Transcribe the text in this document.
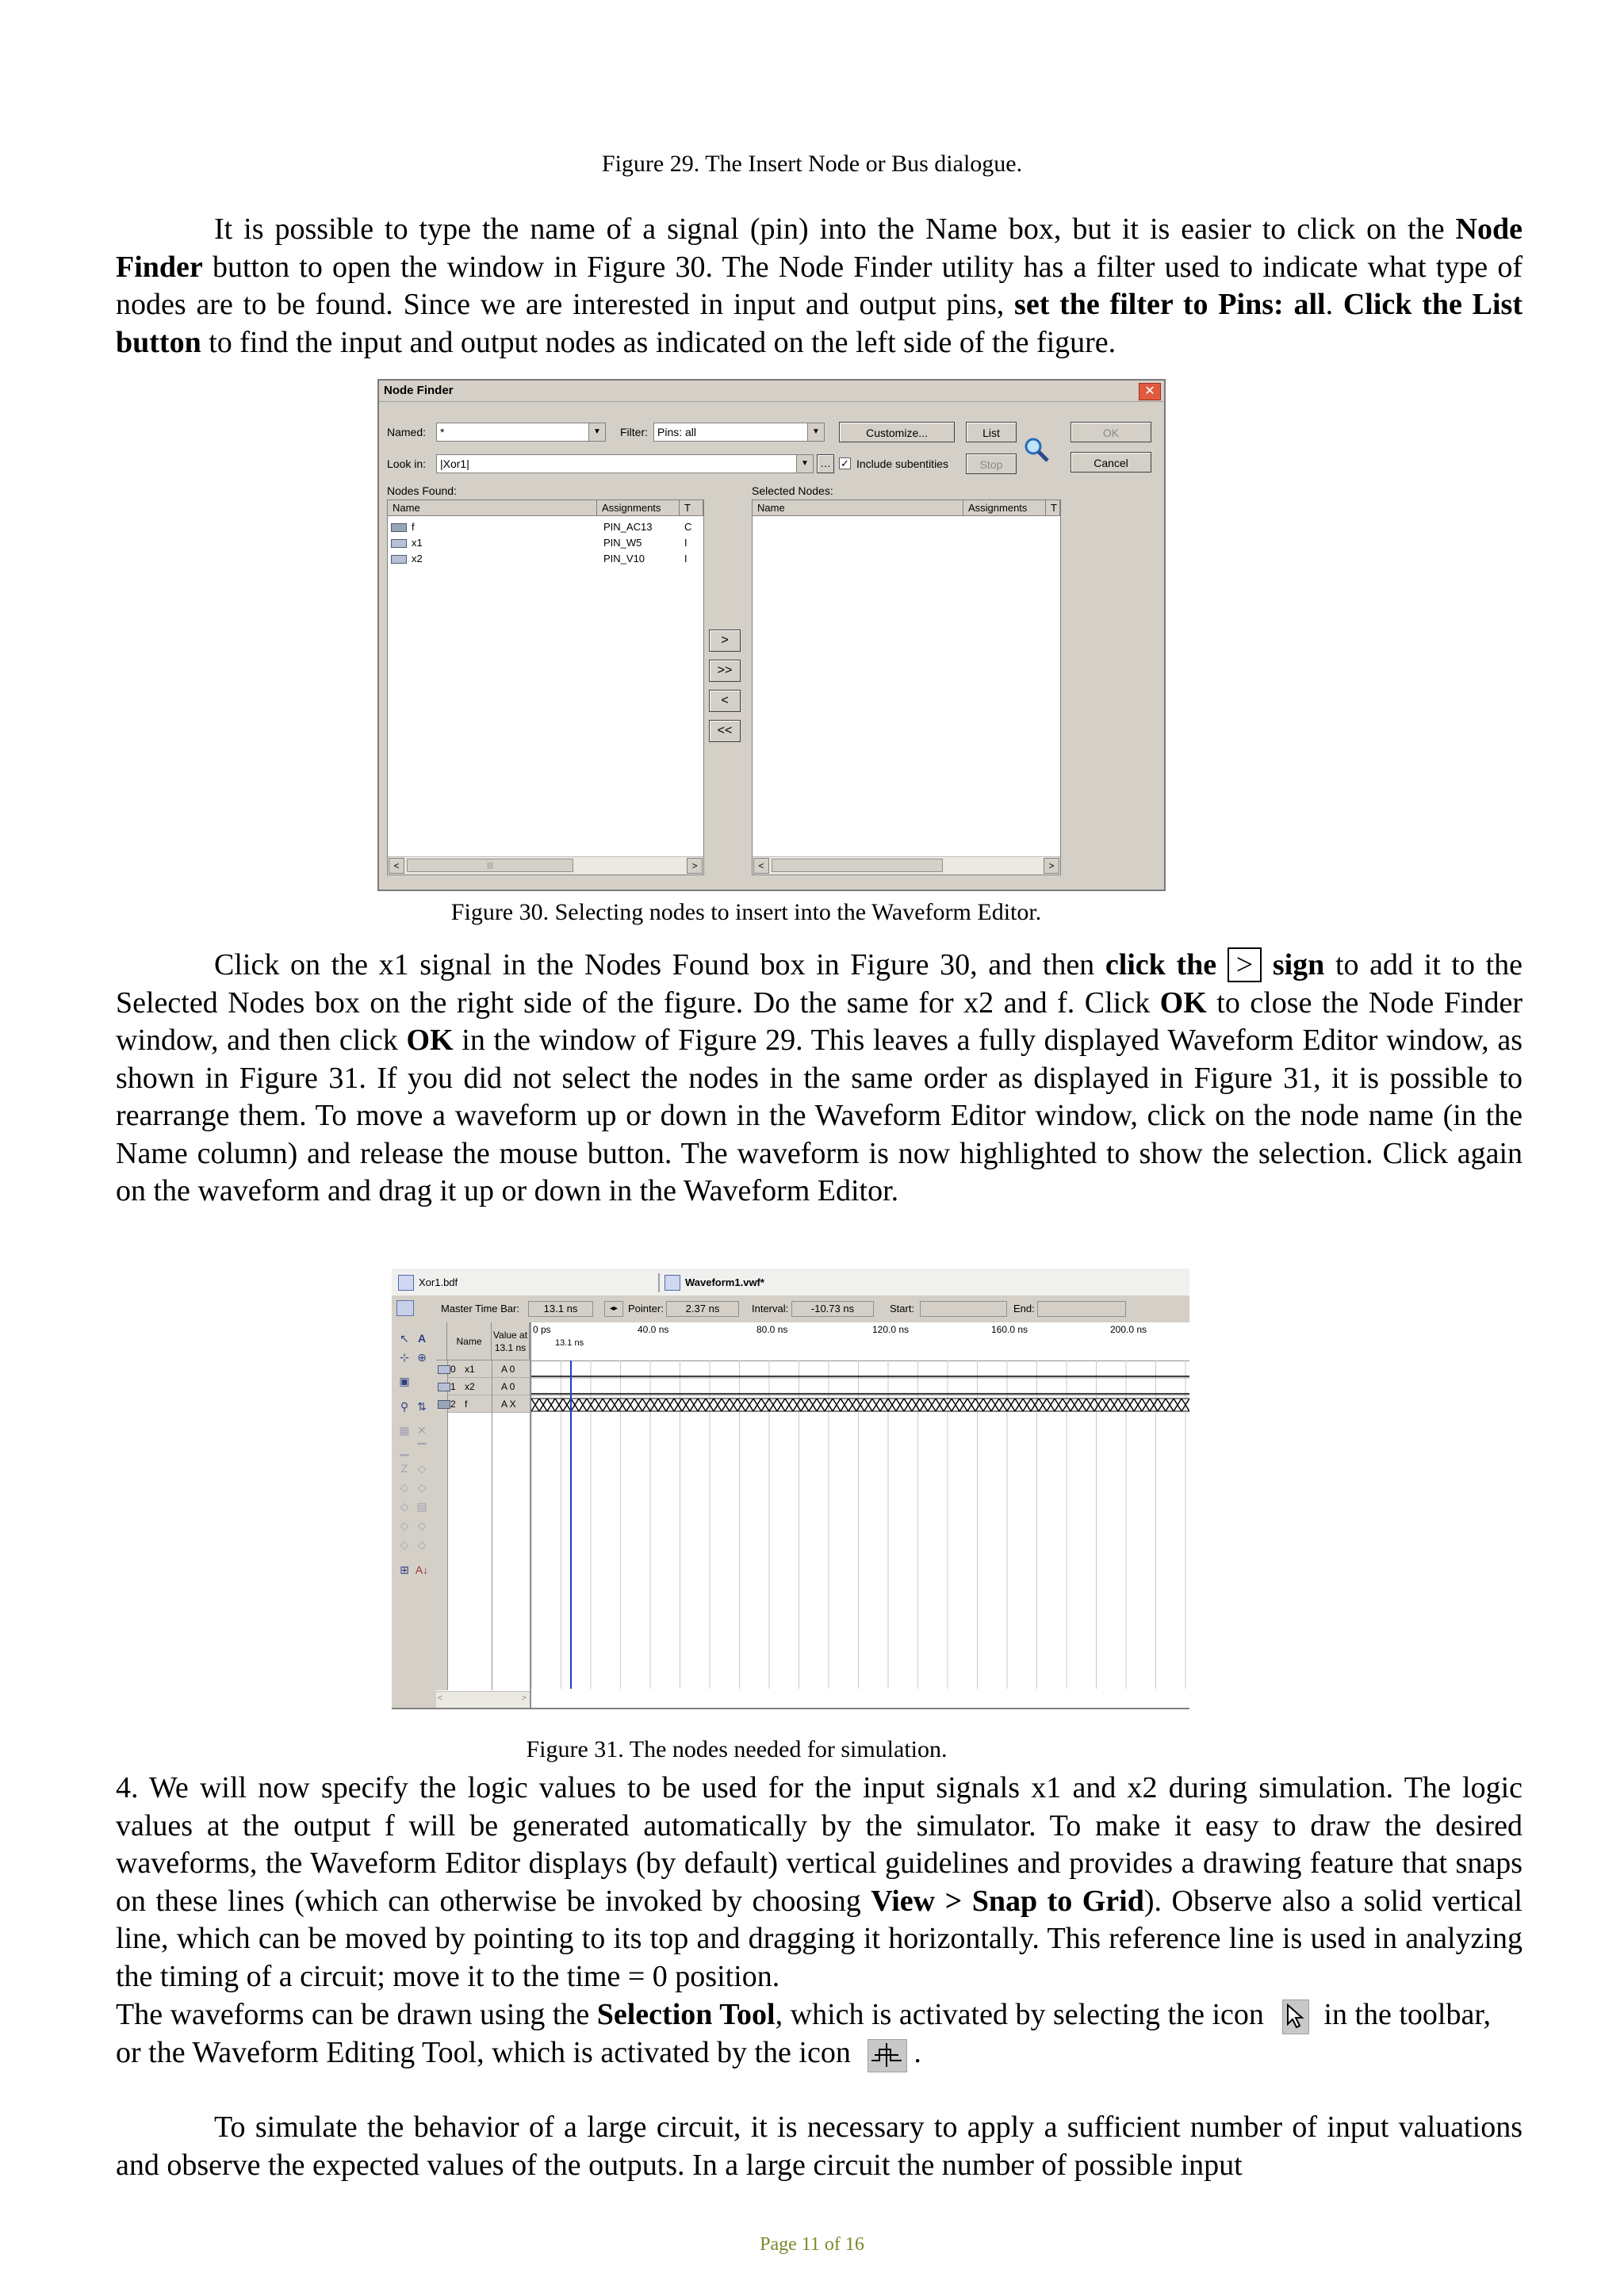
Figure 29. The Insert Node or Bus dialogue.
It is possible to type the name of a signal (pin) into the Name box, but it is easier to click on the Node Finder button to open the window in Figure 30. The Node Finder utility has a filter used to indicate what type of nodes are to be found. Since we are interested in input and output pins, set the filter to Pins: all. Click the List button to find the input and output nodes as indicated on the left side of the figure.
Node Finder	✕
Named:	*	▼	Filter: Pins: all	▼	Customize...	List	OK
Cancel
Look in:	|Xor1|	▼	… ✓ Include subentities	Stop
Nodes Found:	Selected Nodes:
Name	Assignments	T
f	PIN_AC13	C
x1	PIN_W5	I
x2	PIN_V10	I
<	|||	>
>
>>
<
<<
Name	Assignments	T
<	>
Figure 30. Selecting nodes to insert into the Waveform Editor.
Click on the x1 signal in the Nodes Found box in Figure 30, and then click the > sign to add it to the Selected Nodes box on the right side of the figure. Do the same for x2 and f. Click OK to close the Node Finder window, and then click OK in the window of Figure 29. This leaves a fully displayed Waveform Editor window, as shown in Figure 31. If you did not select the nodes in the same order as displayed in Figure 31, it is possible to rearrange them. To move a waveform up or down in the Waveform Editor window, click on the node name (in the Name column) and release the mouse button. The waveform is now highlighted to show the selection. Click again on the waveform and drag it up or down in the Waveform Editor.
Xor1.bdf	Waveform1.vwf*
↖ A
⊹ ⊕
▣
⚲ ⇅
▦ ✕
▁ ▔
Z ◇
◇ ◇
◇ ▤
◇ ◇
◇ ◇
⊞ A↓
Master Time Bar:	13.1 ns	◂▸ Pointer:	2.37 ns	Interval:	-10.73 ns	Start:	End:
Name
Value at
13.1 ns
0 ps	40.0 ns	80.0 ns	120.0 ns	160.0 ns	200.0 ns
13.1 ns
0 x1	A 0
1 x2	A 0
2 f	A X
<	>
Figure 31. The nodes needed for simulation.
4. We will now specify the logic values to be used for the input signals x1 and x2 during simulation. The logic values at the output f will be generated automatically by the simulator. To make it easy to draw the desired waveforms, the Waveform Editor displays (by default) vertical guidelines and provides a drawing feature that snaps on these lines (which can otherwise be invoked by choosing View > Snap to Grid). Observe also a solid vertical line, which can be moved by pointing to its top and dragging it horizontally. This reference line is used in analyzing the timing of a circuit; move it to the time = 0 position.
The waveforms can be drawn using the Selection Tool, which is activated by selecting the icon in the toolbar, or the Waveform Editing Tool, which is activated by the icon .
To simulate the behavior of a large circuit, it is necessary to apply a sufficient number of input valuations and observe the expected values of the outputs. In a large circuit the number of possible input
Page 11 of 16
